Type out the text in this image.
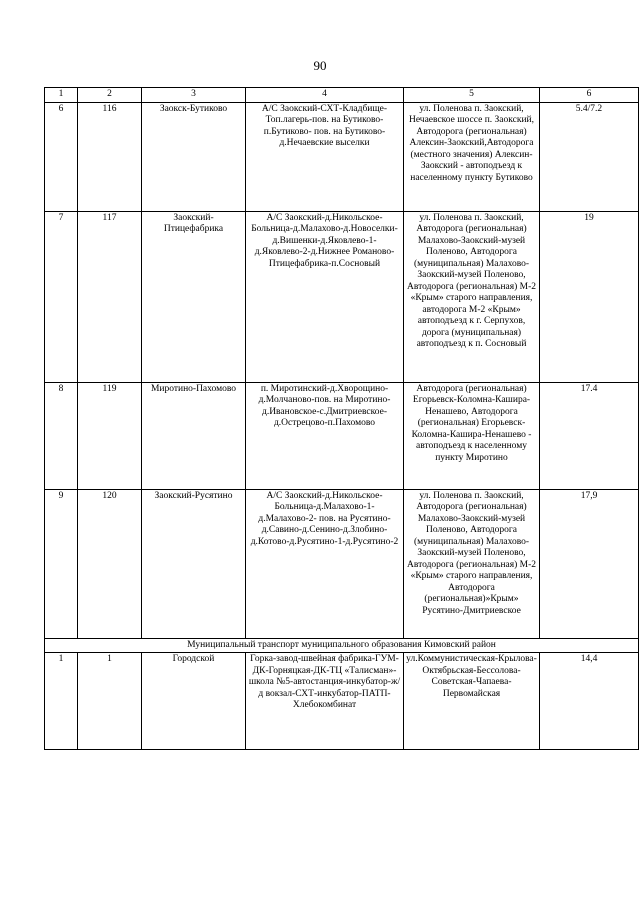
90
1	2	3	4	5	6
6	116	Заокск-Бутиково	А/С Заокский-СХТ-Кладбище-Топ.лагерь-пов. на Бутиково-п.Бутиково- пов. на Бутиково- д.Нечаевские выселки	ул. Поленова п. Заокский, Нечаевское шоссе п. Заокский, Автодорога (региональная) Алексин-Заокский,Автодорога (местного значения) Алексин-Заокский - автоподъезд к населенному пункту Бутиково	5.4/7.2
7	117	Заокский-Птицефабрика	А/С Заокский-д.Никольское- Больница-д.Малахово-д.Новоселки-д.Вишенки-д.Яковлево-1-д.Яковлево-2-д.Нижнее Романово-Птицефабрика-п.Сосновый	ул. Поленова п. Заокский, Автодорога (региональная) Малахово-Заокский-музей Поленово, Автодорога (муниципальная) Малахово-Заокский-музей Поленово, Автодорога (региональная) М-2 «Крым» старого направления, автодорога М-2 «Крым» автоподъезд к г. Серпухов, дорога (муниципальная) автоподъезд к п. Сосновый	19
8	119	Миротино-Пахомово	п. Миротинский-д.Хворощино-д.Молчаново-пов. на Миротино-д.Ивановское-с.Дмитриевское-д.Острецово-п.Пахомово	Автодорога (региональная) Егорьевск-Коломна-Кашира-Ненашево, Автодорога (региональная) Егорьевск-Коломна-Кашира-Ненашево - автоподъезд к населенному пункту Миротино	17.4
9	120	Заокский-Русятино	А/С Заокский-д.Никольское-Больница-д.Малахово-1-д.Малахово-2- пов. на Русятино-д.Савино-д.Сенино-д.Злобино-д.Котово-д.Русятино-1-д.Русятино-2	ул. Поленова п. Заокский, Автодорога (региональная) Малахово-Заокский-музей Поленово, Автодорога (муниципальная) Малахово-Заокский-музей Поленово, Автодорога (региональная) М-2 «Крым» старого направления, Автодорога (региональная)»Крым» Русятино-Дмитриевское	17,9
Муниципальный транспорт муниципального образования Кимовский район					
1	1	Городской	Горка-завод-швейная фабрика-ГУМ-ДК-Горняцкая-ДК-ТЦ «Талисман»-школа №5-автостанция-инкубатор-ж/д вокзал-СХТ-инкубатор-ПАТП-Хлебокомбинат	ул.Коммунистическая-Крылова-Октябрьская-Бессолова-Советская-Чапаева-Первомайская	14,4
